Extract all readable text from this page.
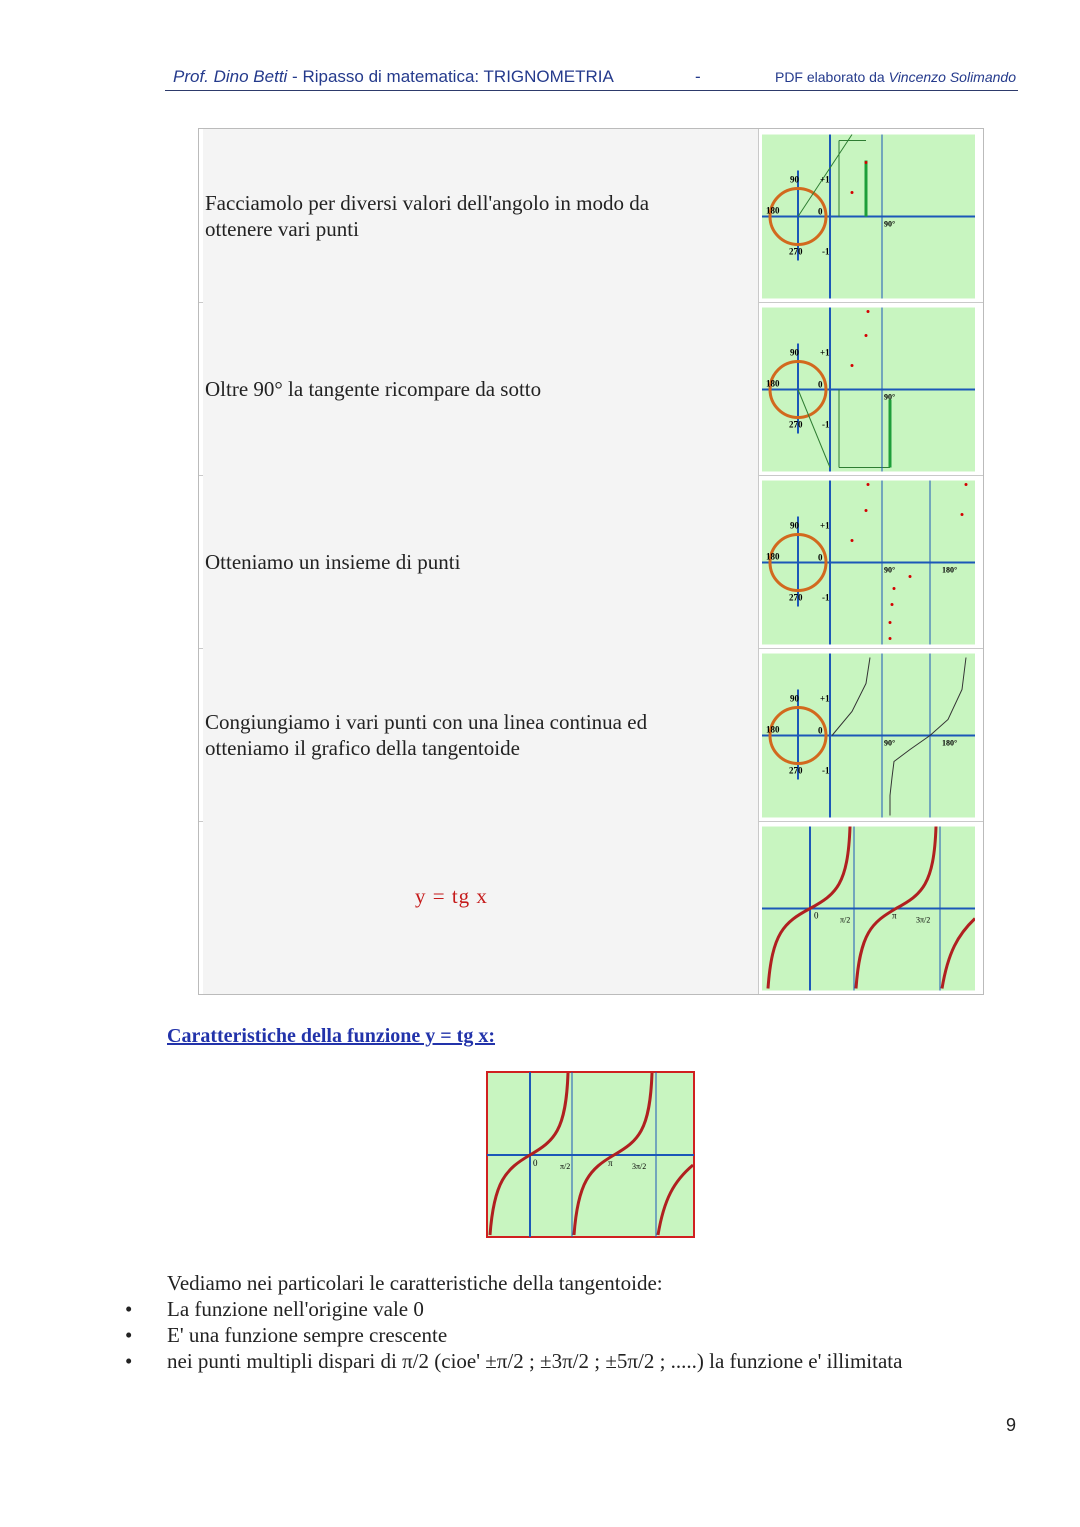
Prof. Dino Betti - Ripasso di matematica: TRIGNOMETRIA	-	PDF elaborato da Vincenzo Solimando
Facciamolo per diversi valori dell'angolo in modo da
ottenere vari punti
90 +1
180	0
270 -1
90°
Oltre 90° la tangente ricompare da sotto
90 +1
180	0
270 -1
90°
Otteniamo un insieme di punti
90 +1
180	0
270 -1
90°	180°
Congiungiamo i vari punti con una linea continua ed
otteniamo il grafico della tangentoide
90 +1
180	0
270 -1
90°	180°
y = tg x
0	π/2	π 3π/2
Caratteristiche della funzione y = tg x:
0	π/2	π 3π/2
Vediamo nei particolari le caratteristiche della tangentoide:
• La funzione nell'origine vale 0
• E' una funzione sempre crescente
• nei punti multipli dispari di π/2 (cioe' ±π/2 ; ±3π/2 ; ±5π/2 ; .....) la funzione e' illimitata
9
